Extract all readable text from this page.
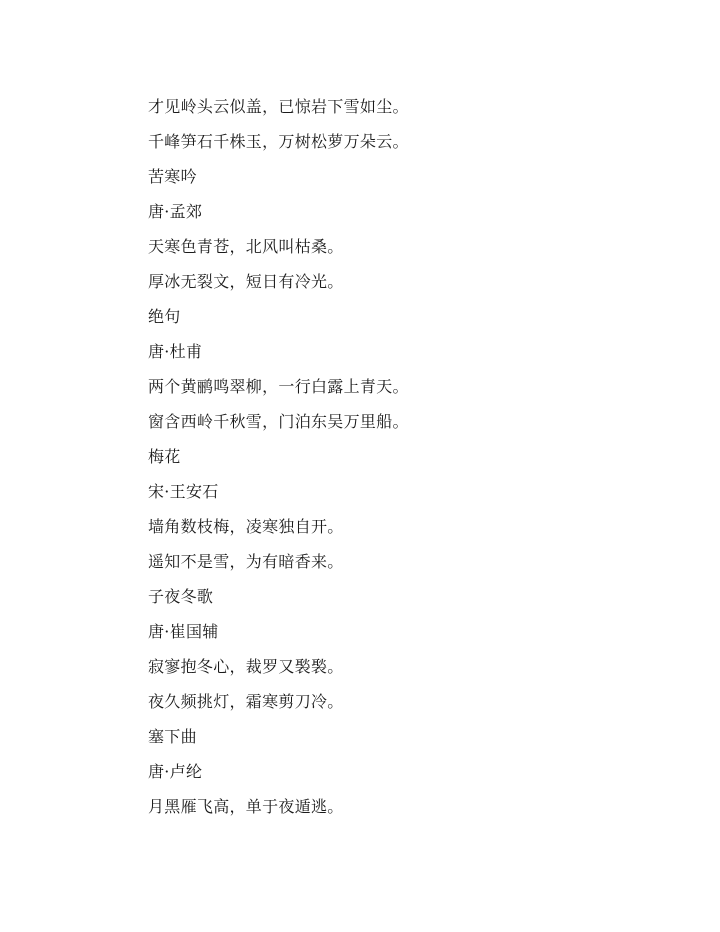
才见岭头云似盖，已惊岩下雪如尘。
千峰笋石千株玉，万树松萝万朵云。
苦寒吟
唐·孟郊
天寒色青苍，北风叫枯桑。
厚冰无裂文，短日有冷光。
绝句
唐·杜甫
两个黄鹂鸣翠柳，一行白露上青天。
窗含西岭千秋雪，门泊东吴万里船。
梅花
宋·王安石
墙角数枝梅，凌寒独自开。
遥知不是雪，为有暗香来。
子夜冬歌
唐·崔国辅
寂寥抱冬心，裁罗又褧褧。
夜久频挑灯，霜寒剪刀冷。
塞下曲
唐·卢纶
月黑雁飞高，单于夜遁逃。
